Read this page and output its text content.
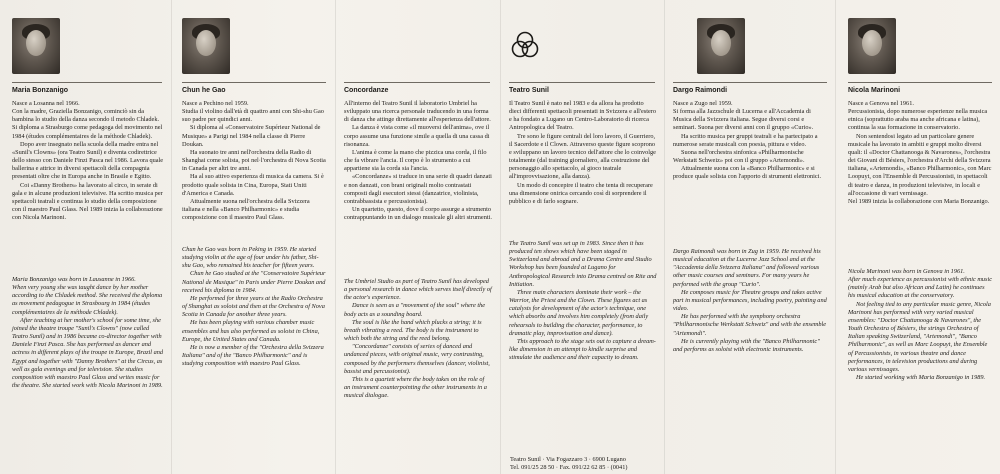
Maria Bonzanigo

Nasce a Losanna nel 1966.

Con la madre, Graziella Bonzanigo, cominciò sin da bambina lo studio della danza secondo il metodo Chladek. Si diploma a Strasburgo come pedagoga del movimento nel 1984 (études complémentaires de la méthode Chladek).

Dopo aver insegnato nella scuola della madre entra nel «Sunil's Clowns» (ora Teatro Sunil) e diventa codirettrice dello stesso con Daniele Finzi Pasca nel 1986. Lavora quale ballerina e attrice in diversi spettacoli della compagnia presentati oltre che in Europa anche in Brasile e Egitto.

Coi «Danny Brothers» ha lavorato al circo, in serate di gala e in alcune produzioni televisive. Ha scritto musica per spettacoli teatrali e continua lo studio della composizione con il maestro Paul Glass. Nel 1989 inizia la collaborazione con Nicola Marinoni.

Maria Bonzanigo was born in Lausanne in 1966.

When very young she was taught dance by her mother according to the Chladek method. She received the diploma as movement pedagogue in Strasbourg in 1984 (études complémentaires de la méthode Chladek).

After teaching at her mother's school for some time, she joined the theatre troupe "Sunil's Clowns" (now called Teatro Sunil) and in 1986 became co-director together with Daniele Finzi Pasca. She has performed as dancer and actress in different plays of the troupe in Europe, Brazil and Egypt and together with "Danny Brothers" at the Circus, as well as gala evenings and for television. She studies composition with maestro Paul Glass and writes music for the theatre. She started work with Nicola Marinoni in 1989.

Chun he Gao

Nasce a Pechino nel 1959.

Studia il violino dall'età di quattro anni con Shi-shu Gao suo padre per quindici anni.

Si diploma al «Conservatoire Supérieur National de Musique» a Parigi nel 1984 nella classe di Pierre Doukan.

Ha suonato tre anni nell'orchestra della Radio di Shanghai come solista, poi nel·l'orchestra di Nova Scotia in Canada per altri tre anni.

Ha al suo attivo esperienza di musica da camera. Si è prodotto quale solista in Cina, Europa, Stati Uniti d'America e Canada.

Attualmente suona nell'orchestra della Svizzera italiana e nella «Banco Philharmonic» e studia composizione con il maestro Paul Glass.

Chun he Gao was born in Peking in 1959. He started studying violin at the age of four under his father, Shi-shu Gao, who remained his teacher for fifteen years.

Chun he Gao studied at the "Conservatoire Supérieur National de Musique" in Paris under Pierre Doukan and received his diploma in 1984.

He performed for three years at the Radio Orchestra of Shanghai as soloist and then at the Orchestra of Nova Scotia in Canada for another three years.

He has been playing with various chamber music ensembles and has also performed as soloist in China, Europe, the United States and Canada.

He is now a member of the "Orchestra della Svizzera Italiana" and of the "Banco Philharmonic" and is studying composition with maestro Paul Glass.

Concordanze

All'interno del Teatro Sunil il laboratorio Umbriel ha sviluppato una ricerca personale traducendo in una forma di danza che attinge direttamente all'esperienza dell'attore.

La danza è vista come «il muoversi dell'anima», ove il corpo assume una funzione simile a quella di una cassa di risonanza.

L'anima è come la mano che pizzica una corda, il filo che fa vibrare l'ancia. Il corpo è lo strumento a cui appartiene sia la corda sia l'ancia.

«Concordanze» si traduce in una serie di quadri danzati e non danzati, con brani originali molto contrastati composti dagli esecutori stessi (danzatrice, violinista, contrabbassista e percussionista).

Un quartetto, questo, dove il corpo assurge a strumento contrappuntando in un dialogo musicale gli altri strumenti.

The Umbriel Studio as part of Teatro Sunil has developed a personal research in dance which serves itself directly of the actor's experience.

Dance is seen as a "movement of the soul" where the body acts as a sounding board.

The soul is like the hand which plucks a string; it is breath vibrating a reed. The body is the instrument to which both the string and the reed belong.

"Concordanze" consists of series of danced and undanced pieces, with original music, very contrasting, composed by the performers themselves (dancer, violinist, bassist and percussionist).

This is a quartett where the body takes on the role of an instrument counterpointing the other instruments in a musical dialogue.

Teatro Sunil

Il Teatro Sunil è nato nel 1983 e da allora ha prodotto dieci differenti spettacoli presentati in Svizzera e all'estero e ha fondato a Lugano un Centro-Laboratorio di ricerca Antropologica del Teatro.

Tre sono le figure centrali del loro lavoro, il Guerriero, il Sacerdote e il Clown. Attraverso queste figure scoprono e sviluppano un lavoro tecnico dell'attore che lo coinvolge totalmente (dal training giornaliero, alla costruzione del personaggio allo spettacolo, al gioco teatrale all'improvvisazione, alla danza).

Un modo di concepire il teatro che tenta di recuperare una dimensione onirica cercando così di sorprendere il pubblico e di farlo sognare.

The Teatro Sunil was set up in 1983. Since then it has produced ten shows which have been staged in Switzerland and abroad and a Drama Centre and Studio Workshop has been founded at Lugano for Anthropological Research into Drama centred on Rite and Initiation.

Three main characters dominate their work – the Warrior, the Priest and the Clown. These figures act as catalysts for development of the actor's technique, one which absorbs and involves him completely (from daily rehearsals to building the character, performance, to dramatic play, improvisation and dance).

This approach to the stage sets out to capture a dream-like dimension in an attempt to kindle surprise and stimulate the audience and their capacity to dream.

Teatro Sunil · Via Fogazzaro 3 · 6900 Lugano
Tel. 091/25 28 50 · Fax. 091/22 62 85 · (0041)
Dargo Raimondi

Nasce a Zugo nel 1959.

Si forma alla Jazzschule di Lucerna e all'Accademia di Musica della Svizzera italiana. Segue diversi corsi e seminari. Suona per diversi anni con il gruppo «Curio».

Ha scritto musica per gruppi teatrali e ha partecipato a numerose serate musicali con poesia, pittura e video.

Suona nell'orchestra sinfonica «Philharmonische Werkstatt Schweiz» poi con il gruppo «Artemondi».

Attualmente suona con la «Banco Philharmonic» e si produce quale solista con l'apporto di strumenti elettronici.

Dargo Raimondi was born in Zug in 1959. He received his musical education at the Lucerne Jazz School and at the "Accademia della Svizzera Italiana" and followed various other music courses and seminars. For many years he performed with the group "Curio".

He composes music for Theatre groups and takes active part in musical performances, including poetry, painting and video.

He has performed with the symphony orchestra "Philharmonische Werkstatt Schweiz" and with the ensemble "Artemondi".

He is currently playing with the "Banco Philharmonic" and performs as soloist with electronic instruments.

Nicola Marinoni

Nasce a Genova nel 1961.

Percussionista, dopo numerose esperienze nella musica etnica (soprattutto araba ma anche africana e latina), continua la sua formazione in conservatorio.

Non sentendosi legato ad un particolare genere musicale ha lavorato in ambiti e gruppi molto diversi quali: il «Doctor Chattanooga & Navarones», l'orchestra dei Giovani di Bésiers, l'orchestra d'Archi della Svizzera italiana, «Artemondi», «Banco Philharmonic», con Marc Loopuyt, con l'Ensemble di Percussionisti, in spettacoli di teatro e danza, in produzioni televisive, in locali e all'occasione di vari vernissage.

Nel 1989 inizia la collaborazione con Maria Bonzanigo.

Nicola Marinoni was born in Genova in 1961.

After much experience as percussionist with ethnic music (mainly Arab but also African and Latin) he continues his musical education at the conservatory.

Not feeling tied to any particular music genre, Nicola Marinoni has performed with very varied musical ensembles: "Doctor Chattanooga & Navarones", the Youth Orchestra of Bésiers, the strings Orchestra of Italian speaking Switzerland, "Artemondi", "Banco Philharmonic", as well as Marc Loopuyt, the Ensemble of Percussionists, in various theatre and dance performances, in television productions and during various vernissages.

He started working with Maria Bonzanigo in 1989.
